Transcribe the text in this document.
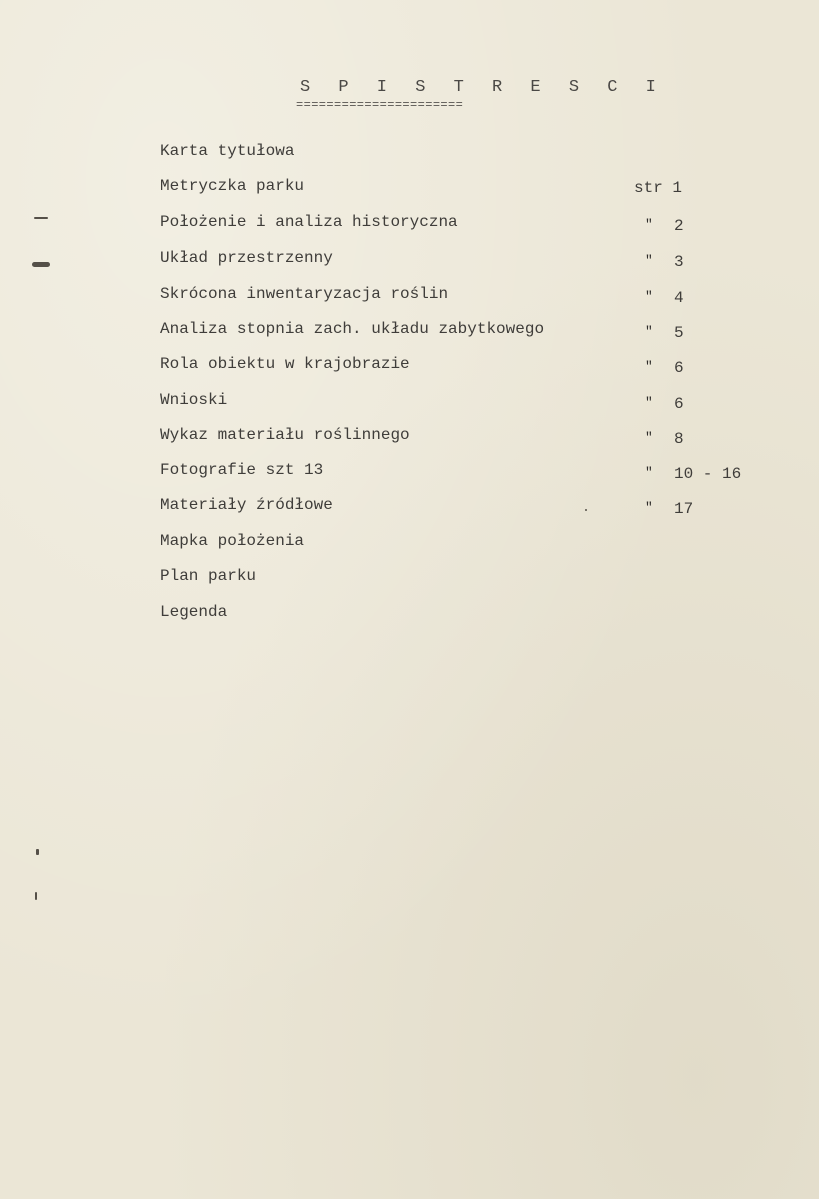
S P I S T R E S C I
======================
Karta tytułowa
Metryczka parku	str 1
Położenie i analiza historyczna	″ 2
Układ przestrzenny	″ 3
Skrócona inwentaryzacja roślin	″ 4
Analiza stopnia zach. układu zabytkowego	″ 5
Rola obiektu w krajobrazie	″ 6
Wnioski	″ 6
Wykaz materiału roślinnego	″ 8
Fotografie szt 13	″ 10 - 16
Materiały źródłowe	″ 17
Mapka położenia
Plan parku
Legenda
